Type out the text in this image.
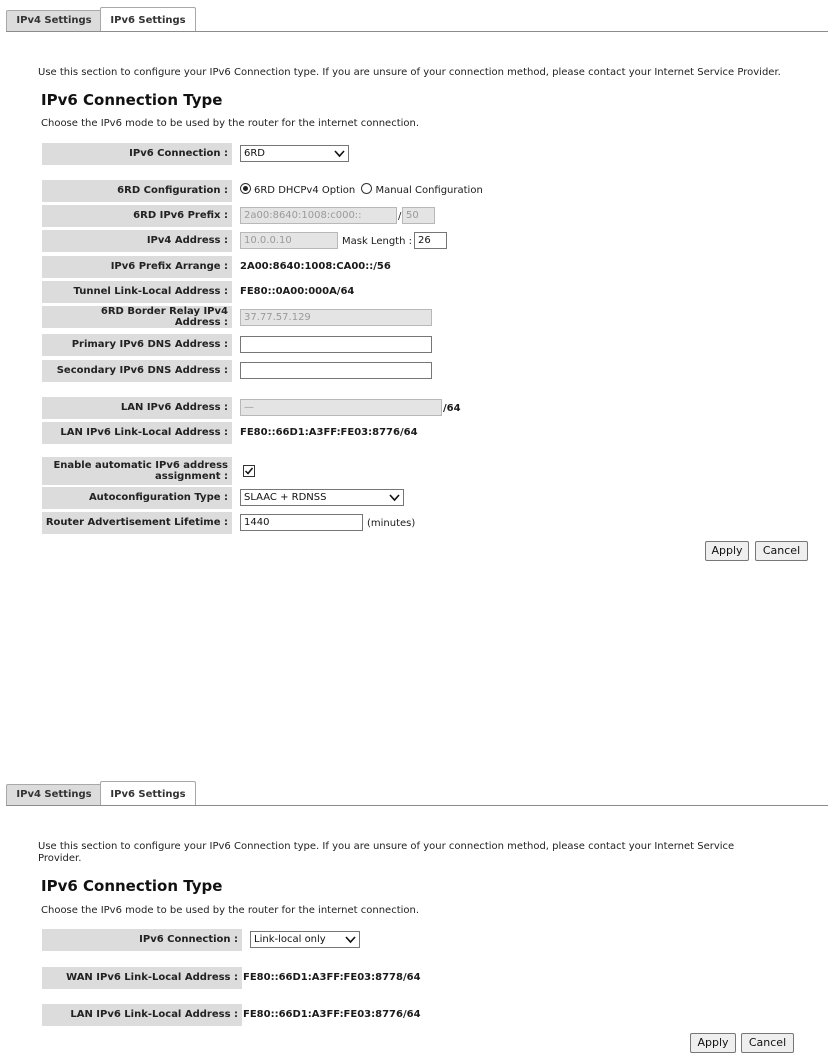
IPv4 Settings	IPv6 Settings
Use this section to configure your IPv6 Connection type. If you are unsure of your connection method, please contact your Internet Service Provider.
IPv6 Connection Type
Choose the IPv6 mode to be used by the router for the internet connection.
IPv6 Connection :	6RD
6RD Configuration :	6RD DHCPv4 Option Manual Configuration
6RD IPv6 Prefix :	2a00:8640:1008:c000::	/ 50
IPv4 Address :	10.0.0.10	Mask Length : 26
IPv6 Prefix Arrange :	2A00:8640:1008:CA00::/56
Tunnel Link-Local Address :	FE80::0A00:000A/64
6RD Border Relay IPv4
Address :	37.77.57.129
Primary IPv6 DNS Address :
Secondary IPv6 DNS Address :
LAN IPv6 Address :	—	/64
LAN IPv6 Link-Local Address :	FE80::66D1:A3FF:FE03:8776/64
Enable automatic IPv6 address
assignment :
Autoconfiguration Type :	SLAAC + RDNSS
Router Advertisement Lifetime :	1440	(minutes)
Apply	Cancel
IPv4 Settings	IPv6 Settings
Use this section to configure your IPv6 Connection type. If you are unsure of your connection method, please contact your Internet Service
Provider.
IPv6 Connection Type
Choose the IPv6 mode to be used by the router for the internet connection.
IPv6 Connection :	Link-local only
WAN IPv6 Link-Local Address : FE80::66D1:A3FF:FE03:8778/64
LAN IPv6 Link-Local Address : FE80::66D1:A3FF:FE03:8776/64
Apply	Cancel
